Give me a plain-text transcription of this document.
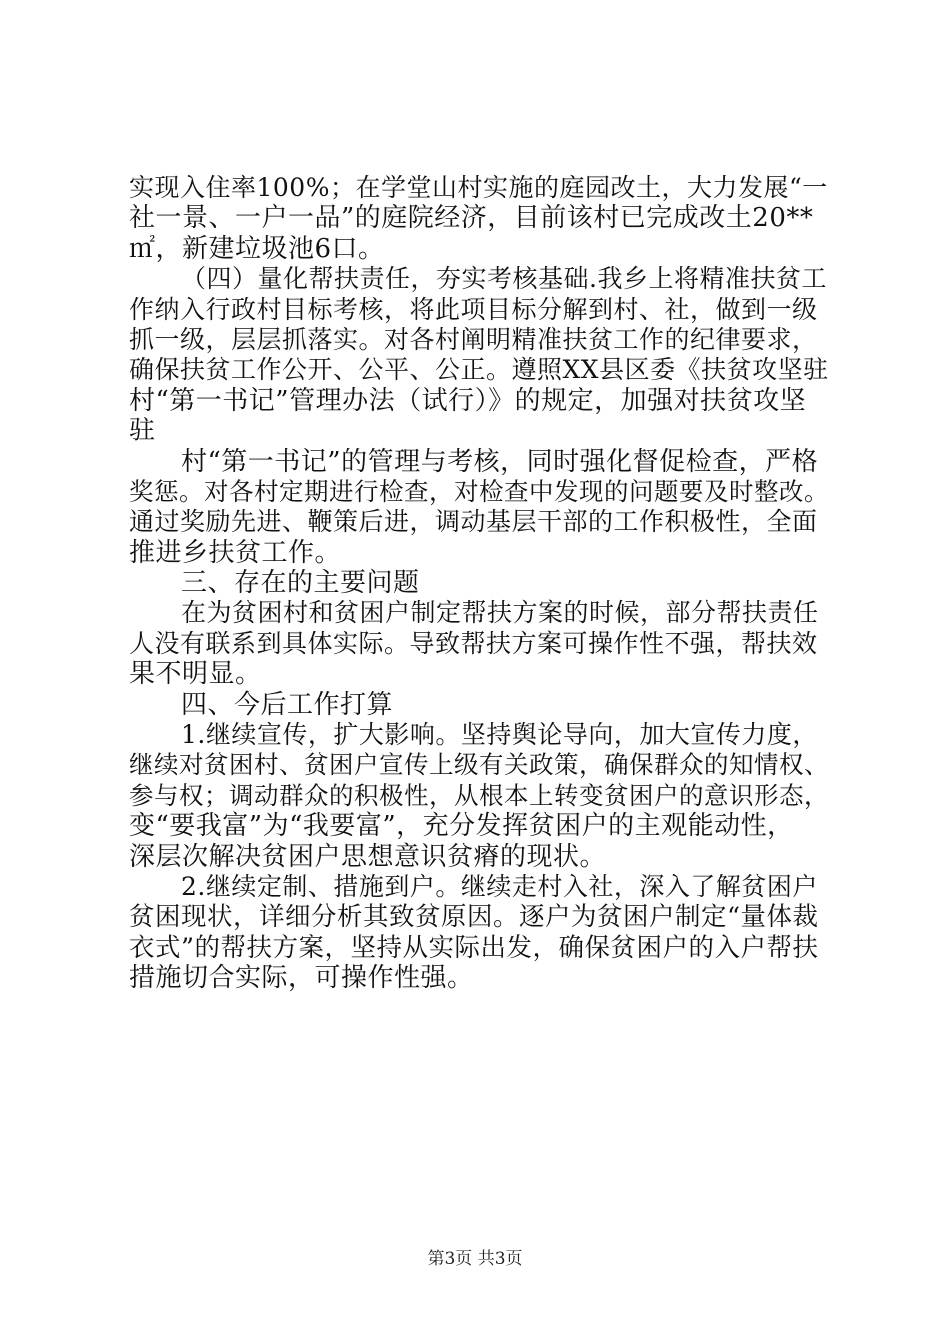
实现入住率100%；在学堂山村实施的庭园改土，大力发展“一
社一景、一户一品”的庭院经济，目前该村已完成改土20**
㎡，新建垃圾池6口。
（四）量化帮扶责任，夯实考核基础.我乡上将精准扶贫工
作纳入行政村目标考核，将此项目标分解到村、社，做到一级
抓一级，层层抓落实。对各村阐明精准扶贫工作的纪律要求，
确保扶贫工作公开、公平、公正。遵照XX县区委《扶贫攻坚驻
村“第一书记”管理办法（试行）》的规定，加强对扶贫攻坚
驻
村“第一书记”的管理与考核，同时强化督促检查，严格
奖惩。对各村定期进行检查，对检查中发现的问题要及时整改。
通过奖励先进、鞭策后进，调动基层干部的工作积极性，全面
推进乡扶贫工作。
三、存在的主要问题
在为贫困村和贫困户制定帮扶方案的时候，部分帮扶责任
人没有联系到具体实际。导致帮扶方案可操作性不强，帮扶效
果不明显。
四、今后工作打算
1.继续宣传，扩大影响。坚持舆论导向，加大宣传力度，
继续对贫困村、贫困户宣传上级有关政策，确保群众的知情权、
参与权；调动群众的积极性，从根本上转变贫困户的意识形态，
变“要我富”为“我要富”，充分发挥贫困户的主观能动性，
深层次解决贫困户思想意识贫瘠的现状。
2.继续定制、措施到户。继续走村入社，深入了解贫困户
贫困现状，详细分析其致贫原因。逐户为贫困户制定“量体裁
衣式”的帮扶方案，坚持从实际出发，确保贫困户的入户帮扶
措施切合实际，可操作性强。
第3页 共3页
